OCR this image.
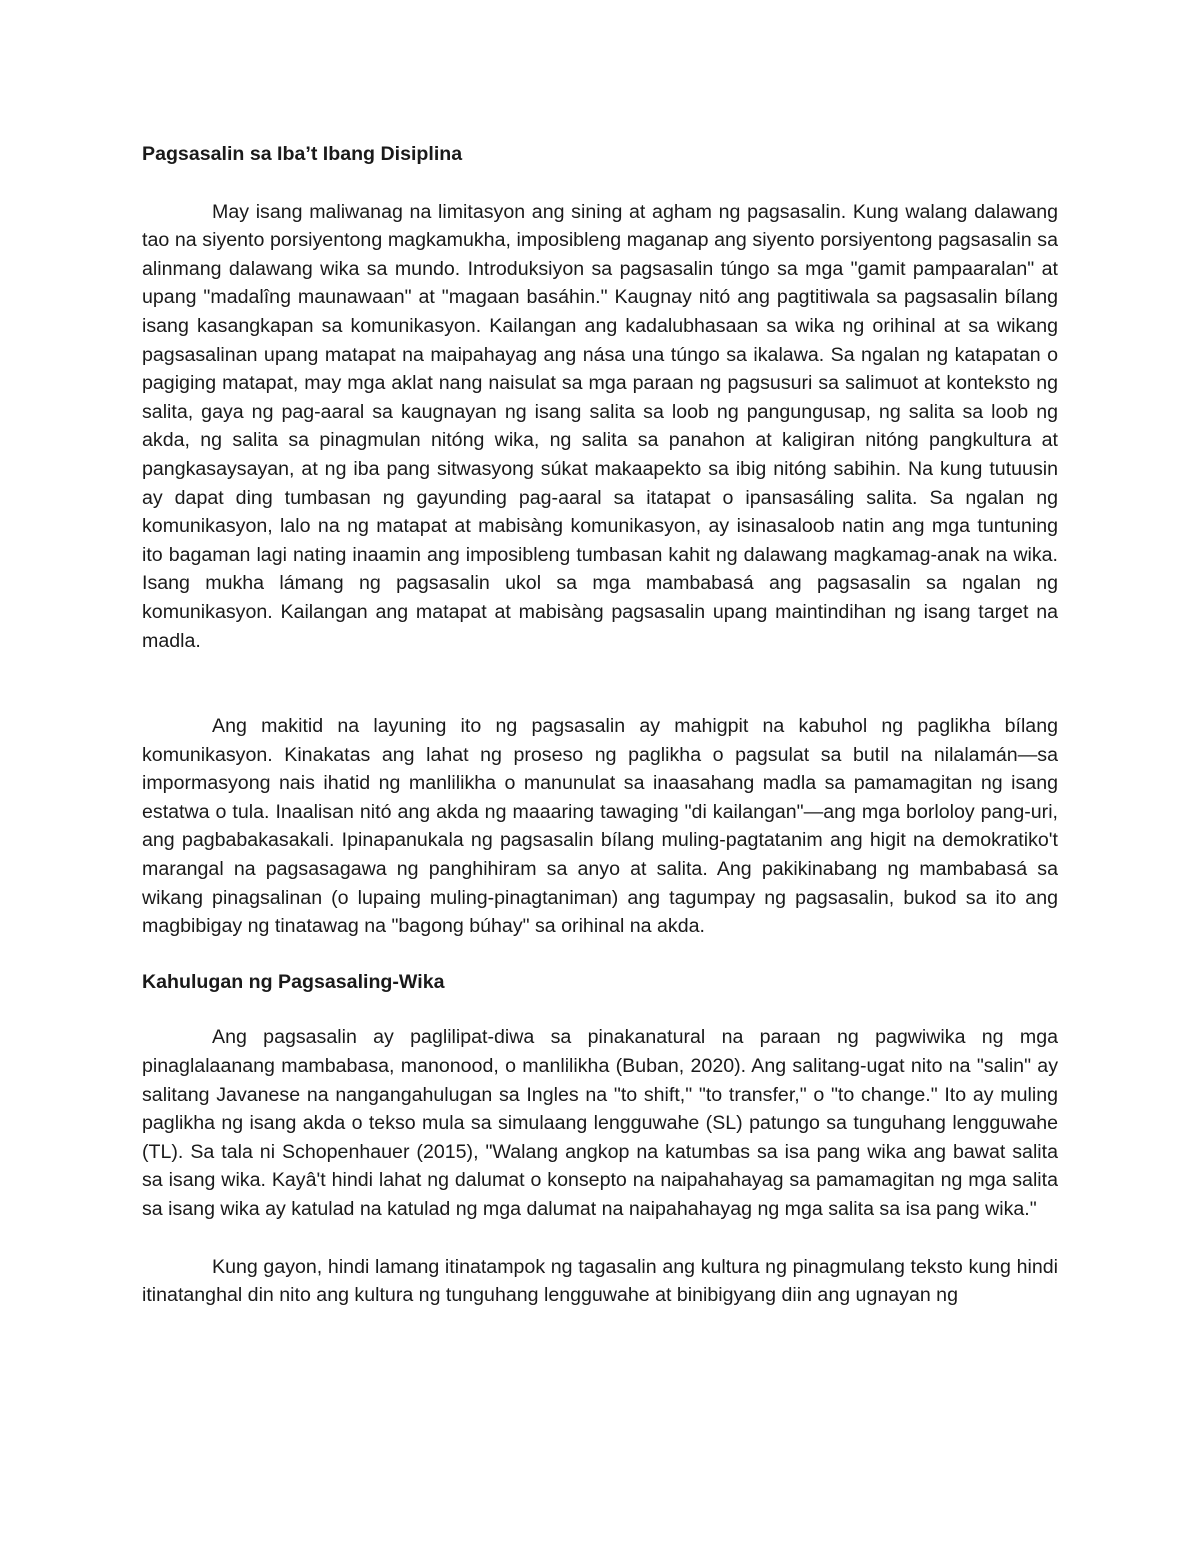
Pagsasalin sa Iba’t Ibang Disiplina

May isang maliwanag na limitasyon ang sining at agham ng pagsasalin. Kung walang dalawang tao na siyento porsiyentong magkamukha, imposibleng maganap ang siyento porsiyentong pagsasalin sa alinmang dalawang wika sa mundo. Introduksiyon sa pagsasalin túngo sa mga "gamit pampaaralan" at upang "madalîng maunawaan" at "magaan basáhin." Kaugnay nitó ang pagtitiwala sa pagsasalin bílang isang kasangkapan sa komunikasyon. Kailangan ang kadalubhasaan sa wika ng orihinal at sa wikang pagsasalinan upang matapat na maipahayag ang nása una túngo sa ikalawa. Sa ngalan ng katapatan o pagiging matapat, may mga aklat nang naisulat sa mga paraan ng pagsusuri sa salimuot at konteksto ng salita, gaya ng pag-aaral sa kaugnayan ng isang salita sa loob ng pangungusap, ng salita sa loob ng akda, ng salita sa pinagmulan nitóng wika, ng salita sa panahon at kaligiran nitóng pangkultura at pangkasaysayan, at ng iba pang sitwasyong súkat makaapekto sa ibig nitóng sabihin. Na kung tutuusin ay dapat ding tumbasan ng gayunding pag-aaral sa itatapat o ipansasáling salita. Sa ngalan ng komunikasyon, lalo na ng matapat at mabisàng komunikasyon, ay isinasaloob natin ang mga tuntuning ito bagaman lagi nating inaamin ang imposibleng tumbasan kahit ng dalawang magkamag-anak na wika. Isang mukha lámang ng pagsasalin ukol sa mga mambabasá ang pagsasalin sa ngalan ng komunikasyon. Kailangan ang matapat at mabisàng pagsasalin upang maintindihan ng isang target na madla.

Ang makitid na layuning ito ng pagsasalin ay mahigpit na kabuhol ng paglikha bílang komunikasyon. Kinakatas ang lahat ng proseso ng paglikha o pagsulat sa butil na nilalamán—sa impormasyong nais ihatid ng manlilikha o manunulat sa inaasahang madla sa pamamagitan ng isang estatwa o tula. Inaalisan nitó ang akda ng maaaring tawaging "di kailangan"—ang mga borloloy pang-uri, ang pagbabakasakali. Ipinapanukala ng pagsasalin bílang muling-pagtatanim ang higit na demokratiko't marangal na pagsasagawa ng panghihiram sa anyo at salita. Ang pakikinabang ng mambabasá sa wikang pinagsalinan (o lupaing muling-pinagtaniman) ang tagumpay ng pagsasalin, bukod sa ito ang magbibigay ng tinatawag na "bagong búhay" sa orihinal na akda.

Kahulugan ng Pagsasaling-Wika

Ang pagsasalin ay paglilipat-diwa sa pinakanatural na paraan ng pagwiwika ng mga pinaglalaanang mambabasa, manonood, o manlilikha (Buban, 2020). Ang salitang-ugat nito na "salin" ay salitang Javanese na nangangahulugan sa Ingles na "to shift," "to transfer," o "to change." Ito ay muling paglikha ng isang akda o tekso mula sa simulaang lengguwahe (SL) patungo sa tunguhang lengguwahe (TL). Sa tala ni Schopenhauer (2015), "Walang angkop na katumbas sa isa pang wika ang bawat salita sa isang wika. Kayâ't hindi lahat ng dalumat o konsepto na naipahahayag sa pamamagitan ng mga salita sa isang wika ay katulad na katulad ng mga dalumat na naipahahayag ng mga salita sa isa pang wika."

Kung gayon, hindi lamang itinatampok ng tagasalin ang kultura ng pinagmulang teksto kung hindi itinatanghal din nito ang kultura ng tunguhang lengguwahe at binibigyang diin ang ugnayan ng
